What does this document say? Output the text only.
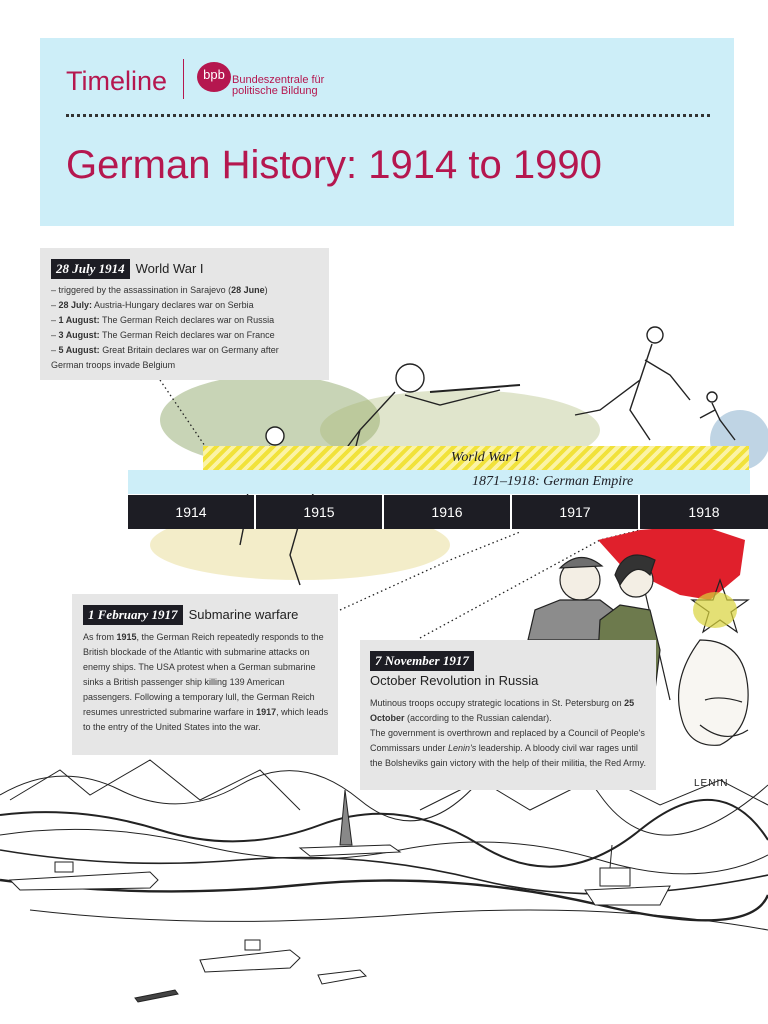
Timeline	bpb Bundeszentrale für
politische Bildung
German History: 1914 to 1990
28 July 1914 World War I
– triggered by the assassination in Sarajevo (28 June)
– 28 July: Austria-Hungary declares war on Serbia
– 1 August: The German Reich declares war on Russia
– 3 August: The German Reich declares war on France
– 5 August: Great Britain declares war on Germany after
German troops invade Belgium
1 February 1917 Submarine warfare
As from 1915, the German Reich repeatedly responds to the British blockade of the Atlantic with submarine attacks on enemy ships. The USA protest when a German submarine sinks a British passenger ship killing 139 American passengers. Following a temporary lull, the German Reich resumes unrestricted submarine warfare in 1917, which leads to the entry of the United States into the war.
World War I
1871–1918: German Empire
1914	1915	1916	1917	1918
7 November 1917
October Revolution in Russia
Mutinous troops occupy strategic locations in St. Petersburg on 25 October (according to the Russian calendar).
The government is overthrown and replaced by a Council of People's Commissars under Lenin's leadership. A bloody civil war rages until the Bolsheviks gain victory with the help of their militia, the Red Army.
LENIN
